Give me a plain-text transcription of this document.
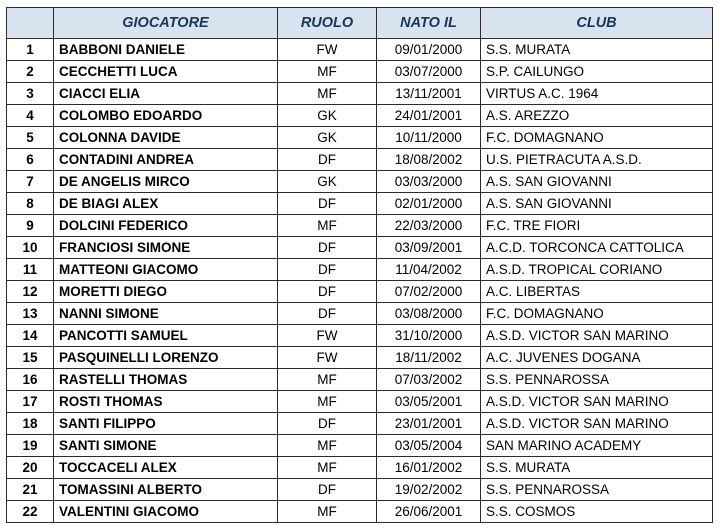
	GIOCATORE	RUOLO	NATO IL	CLUB
1	BABBONI DANIELE	FW	09/01/2000	S.S. MURATA
2	CECCHETTI LUCA	MF	03/07/2000	S.P. CAILUNGO
3	CIACCI ELIA	MF	13/11/2001	VIRTUS A.C. 1964
4	COLOMBO EDOARDO	GK	24/01/2001	A.S. AREZZO
5	COLONNA DAVIDE	GK	10/11/2000	F.C. DOMAGNANO
6	CONTADINI ANDREA	DF	18/08/2002	U.S. PIETRACUTA A.S.D.
7	DE ANGELIS MIRCO	GK	03/03/2000	A.S. SAN GIOVANNI
8	DE BIAGI ALEX	DF	02/01/2000	A.S. SAN GIOVANNI
9	DOLCINI FEDERICO	MF	22/03/2000	F.C. TRE FIORI
10	FRANCIOSI SIMONE	DF	03/09/2001	A.C.D. TORCONCA CATTOLICA
11	MATTEONI GIACOMO	DF	11/04/2002	A.S.D. TROPICAL CORIANO
12	MORETTI DIEGO	DF	07/02/2000	A.C. LIBERTAS
13	NANNI SIMONE	DF	03/08/2000	F.C. DOMAGNANO
14	PANCOTTI SAMUEL	FW	31/10/2000	A.S.D. VICTOR SAN MARINO
15	PASQUINELLI LORENZO	FW	18/11/2002	A.C. JUVENES DOGANA
16	RASTELLI THOMAS	MF	07/03/2002	S.S. PENNAROSSA
17	ROSTI THOMAS	MF	03/05/2001	A.S.D. VICTOR SAN MARINO
18	SANTI FILIPPO	DF	23/01/2001	A.S.D. VICTOR SAN MARINO
19	SANTI SIMONE	MF	03/05/2004	SAN MARINO ACADEMY
20	TOCCACELI ALEX	MF	16/01/2002	S.S. MURATA
21	TOMASSINI ALBERTO	DF	19/02/2002	S.S. PENNAROSSA
22	VALENTINI GIACOMO	MF	26/06/2001	S.S. COSMOS
